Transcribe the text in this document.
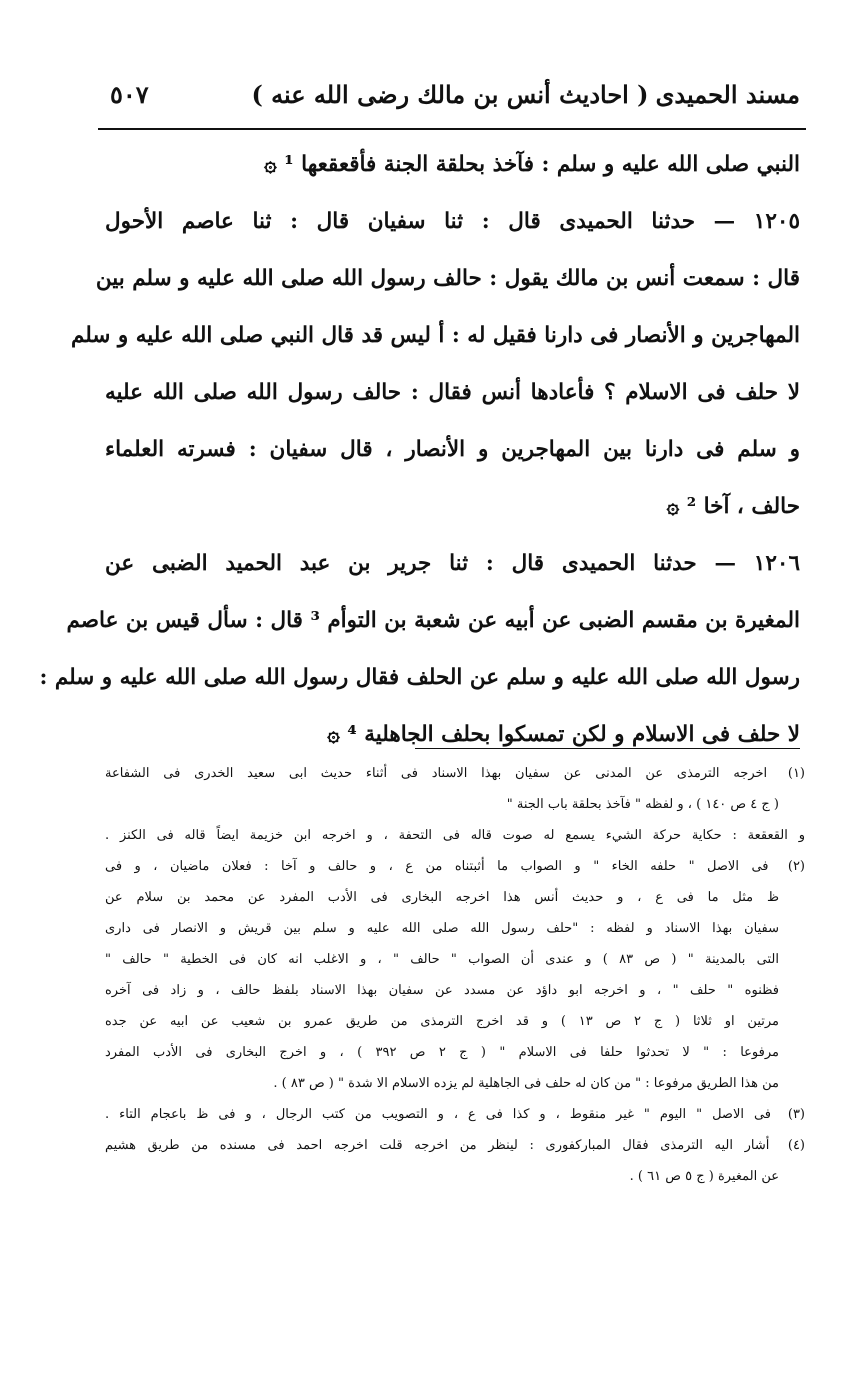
مسند الحميدى
( احاديث أنس بن مالك رضى الله عنه )
٥٠٧
النبي صلى الله عليه و سلم : فآخذ بحلقة الجنة فأقعقعها ¹ ۞
١٢٠٥ — حدثنا الحميدى قال : ثنا سفيان قال : ثنا عاصم الأحول
قال : سمعت أنس بن مالك يقول : حالف رسول الله صلى الله عليه و سلم بين
المهاجرين و الأنصار فى دارنا فقيل له : أ ليس قد قال النبي صلى الله عليه و سلم
لا حلف فى الاسلام ؟ فأعادها أنس فقال : حالف رسول الله صلى الله عليه
و سلم فى دارنا بين المهاجرين و الأنصار ، قال سفيان : فسرته العلماء
حالف ، آخا ² ۞
١٢٠٦ — حدثنا الحميدى قال : ثنا جرير بن عبد الحميد الضبى عن
المغيرة بن مقسم الضبى عن أبيه عن شعبة بن التوأم ³ قال : سأل قيس بن عاصم
رسول الله صلى الله عليه و سلم عن الحلف فقال رسول الله صلى الله عليه و سلم :
لا حلف فى الاسلام و لكن تمسكوا بحلف الجاهلية ⁴ ۞
(١) اخرجه الترمذى عن المدنى عن سفيان بهذا الاسناد فى أثناء حديث ابى سعيد الخدرى فى الشفاعة
( ج ٤ ص ١٤٠ ) ، و لفظه " فآخذ بحلقة باب الجنة "
و القعقعة : حكاية حركة الشيء يسمع له صوت قاله فى التحفة ، و اخرجه ابن خزيمة ايضاً قاله فى الكنز .
(٢) فى الاصل " حلفه الخاء " و الصواب ما أثبتناه من ع ، و حالف و آخا : فعلان ماضيان ، و فى
ظ مثل ما فى ع ، و حديث أنس هذا اخرجه البخارى فى الأدب المفرد عن محمد بن سلام عن
سفيان بهذا الاسناد و لفظه : "حلف رسول الله صلى الله عليه و سلم بين قريش و الانصار فى دارى
التى بالمدينة " ( ص ٨٣ ) و عندى أن الصواب " حالف " ، و الاغلب انه كان فى الخطية " حالف "
فظنوه " حلف " ، و اخرجه ابو داؤد عن مسدد عن سفيان بهذا الاسناد بلفظ حالف ، و زاد فى آخره
مرتين او ثلاثا ( ج ٢ ص ١٣ ) و قد اخرج الترمذى من طريق عمرو بن شعيب عن ابيه عن جده
مرفوعا : " لا تحدثوا حلفا فى الاسلام " ( ج ٢ ص ٣٩٢ ) ، و اخرج البخارى فى الأدب المفرد
من هذا الطريق مرفوعا : " من كان له حلف فى الجاهلية لم يزده الاسلام الا شدة " ( ص ٨٣ ) .
(٣) فى الاصل " اليوم " غير منقوط ، و كذا فى ع ، و التصويب من كتب الرجال ، و فى ظ باعجام التاء .
(٤) أشار اليه الترمذى فقال المباركفورى : لينظر من اخرجه قلت اخرجه احمد فى مسنده من طريق هشيم
عن المغيرة ( ج ٥ ص ٦١ ) .
